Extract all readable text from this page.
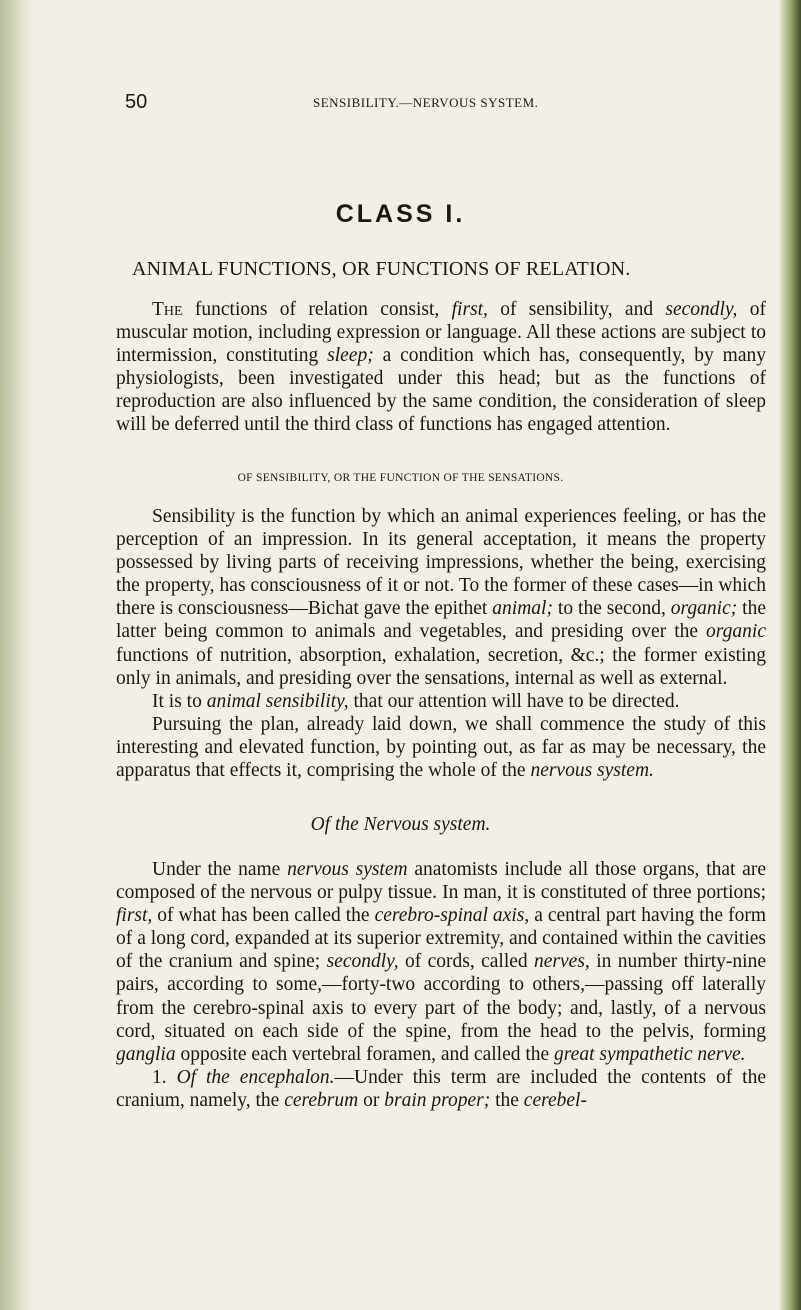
50	SENSIBILITY.—NERVOUS SYSTEM.
CLASS I.
ANIMAL FUNCTIONS, OR FUNCTIONS OF RELATION.

The functions of relation consist, first, of sensibility, and secondly, of muscular motion, including expression or language. All these actions are subject to intermission, constituting sleep; a condition which has, consequently, by many physiologists, been investigated under this head; but as the functions of reproduction are also influenced by the same condition, the consideration of sleep will be deferred until the third class of functions has engaged attention.

OF SENSIBILITY, OR THE FUNCTION OF THE SENSATIONS.

Sensibility is the function by which an animal experiences feeling, or has the perception of an impression. In its general acceptation, it means the property possessed by living parts of receiving impressions, whether the being, exercising the property, has consciousness of it or not. To the former of these cases—in which there is consciousness—Bichat gave the epithet animal; to the second, organic; the latter being common to animals and vegetables, and presiding over the organic functions of nutrition, absorption, exhalation, secretion, &c.; the former existing only in animals, and presiding over the sensations, internal as well as external.

It is to animal sensibility, that our attention will have to be directed.

Pursuing the plan, already laid down, we shall commence the study of this interesting and elevated function, by pointing out, as far as may be necessary, the apparatus that effects it, comprising the whole of the nervous system.

Of the Nervous system.

Under the name nervous system anatomists include all those organs, that are composed of the nervous or pulpy tissue. In man, it is constituted of three portions; first, of what has been called the cerebro-spinal axis, a central part having the form of a long cord, expanded at its superior extremity, and contained within the cavities of the cranium and spine; secondly, of cords, called nerves, in number thirty-nine pairs, according to some,—forty-two according to others,—passing off laterally from the cerebro-spinal axis to every part of the body; and, lastly, of a nervous cord, situated on each side of the spine, from the head to the pelvis, forming ganglia opposite each vertebral foramen, and called the great sympathetic nerve.

1. Of the encephalon.—Under this term are included the contents of the cranium, namely, the cerebrum or brain proper; the cerebel-
